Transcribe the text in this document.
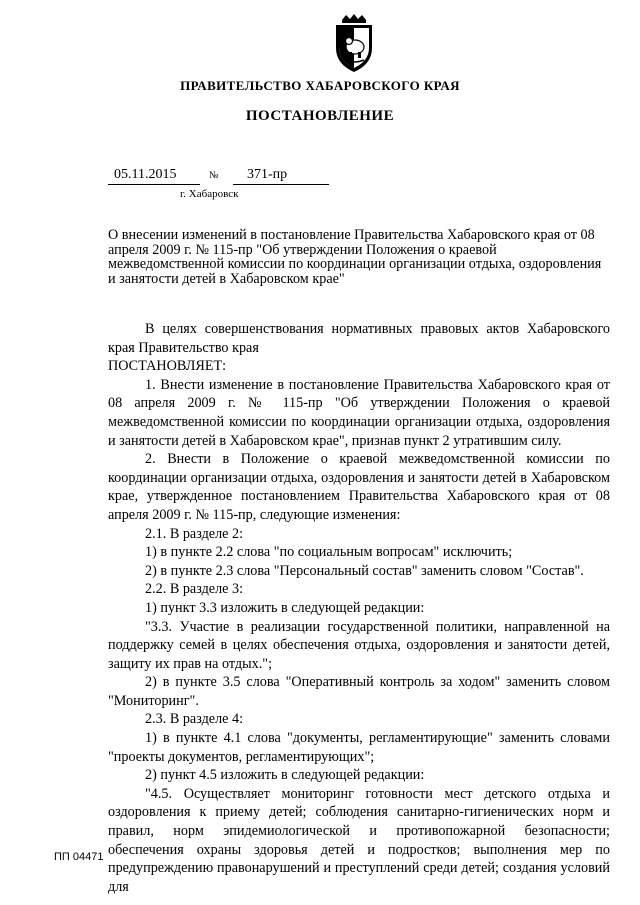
ПРАВИТЕЛЬСТВО ХАБАРОВСКОГО КРАЯ
ПОСТАНОВЛЕНИЕ
05.11.2015	№	371-пр
г. Хабаровск
О внесении изменений в постановление Правительства Хабаровского края от 08 апреля 2009 г. № 115-пр "Об утверждении Положения о краевой межведомственной комиссии по координации организации отдыха, оздоровления и занятости детей в Хабаровском крае"

В целях совершенствования нормативных правовых актов Хабаровского края Правительство края

ПОСТАНОВЛЯЕТ:

1. Внести изменение в постановление Правительства Хабаровского края от 08 апреля 2009 г. № 115-пр "Об утверждении Положения о краевой межведомственной комиссии по координации организации отдыха, оздоровления и занятости детей в Хабаровском крае", признав пункт 2 утратившим силу.

2. Внести в Положение о краевой межведомственной комиссии по координации организации отдыха, оздоровления и занятости детей в Хабаровском крае, утвержденное постановлением Правительства Хабаровского края от 08 апреля 2009 г. № 115-пр, следующие изменения:

2.1. В разделе 2:

1) в пункте 2.2 слова "по социальным вопросам" исключить;

2) в пункте 2.3 слова "Персональный состав" заменить словом "Состав".

2.2. В разделе 3:

1) пункт 3.3 изложить в следующей редакции:

"3.3. Участие в реализации государственной политики, направленной на поддержку семей в целях обеспечения отдыха, оздоровления и занятости детей, защиту их прав на отдых.";

2) в пункте 3.5 слова "Оперативный контроль за ходом" заменить словом "Мониторинг".

2.3. В разделе 4:

1) в пункте 4.1 слова "документы, регламентирующие" заменить словами "проекты документов, регламентирующих";

2) пункт 4.5 изложить в следующей редакции:

"4.5. Осуществляет мониторинг готовности мест детского отдыха и оздоровления к приему детей; соблюдения санитарно-гигиенических норм и правил, норм эпидемиологической и противопожарной безопасности; обеспечения охраны здоровья детей и подростков; выполнения мер по предупреждению правонарушений и преступлений среди детей; создания условий для

ПП 04471
